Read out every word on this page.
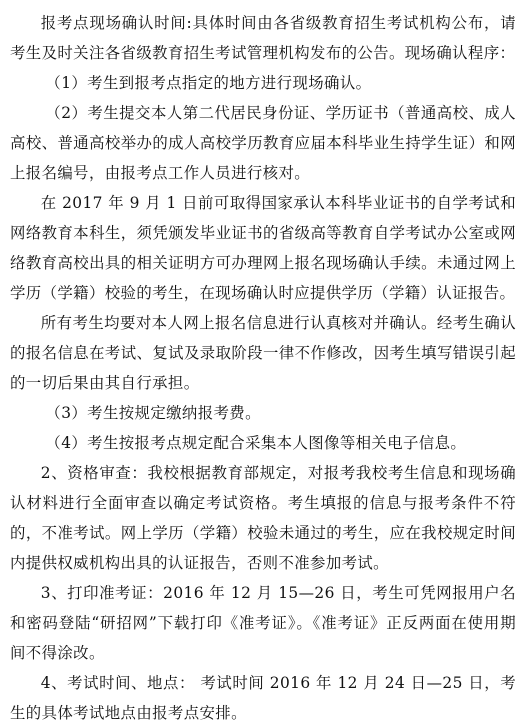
报考点现场确认时间:具体时间由各省级教育招生考试机构公布，请考生及时关注各省级教育招生考试管理机构发布的公告。现场确认程序：

（1）考生到报考点指定的地方进行现场确认。

（2）考生提交本人第二代居民身份证、学历证书（普通高校、成人高校、普通高校举办的成人高校学历教育应届本科毕业生持学生证）和网上报名编号，由报考点工作人员进行核对。

在 2017 年 9 月 1 日前可取得国家承认本科毕业证书的自学考试和网络教育本科生，须凭颁发毕业证书的省级高等教育自学考试办公室或网络教育高校出具的相关证明方可办理网上报名现场确认手续。未通过网上学历（学籍）校验的考生，在现场确认时应提供学历（学籍）认证报告。

所有考生均要对本人网上报名信息进行认真核对并确认。经考生确认的报名信息在考试、复试及录取阶段一律不作修改，因考生填写错误引起的一切后果由其自行承担。

（3）考生按规定缴纳报考费。

（4）考生按报考点规定配合采集本人图像等相关电子信息。

2、资格审查：我校根据教育部规定，对报考我校考生信息和现场确认材料进行全面审查以确定考试资格。考生填报的信息与报考条件不符的，不准考试。网上学历（学籍）校验未通过的考生，应在我校规定时间内提供权威机构出具的认证报告，否则不准参加考试。

3、打印准考证：2016 年 12 月 15—26 日，考生可凭网报用户名和密码登陆“研招网”下载打印《准考证》。《准考证》正反两面在使用期间不得涂改。

4、考试时间、地点： 考试时间 2016 年 12 月 24 日—25 日，考生的具体考试地点由报考点安排。
